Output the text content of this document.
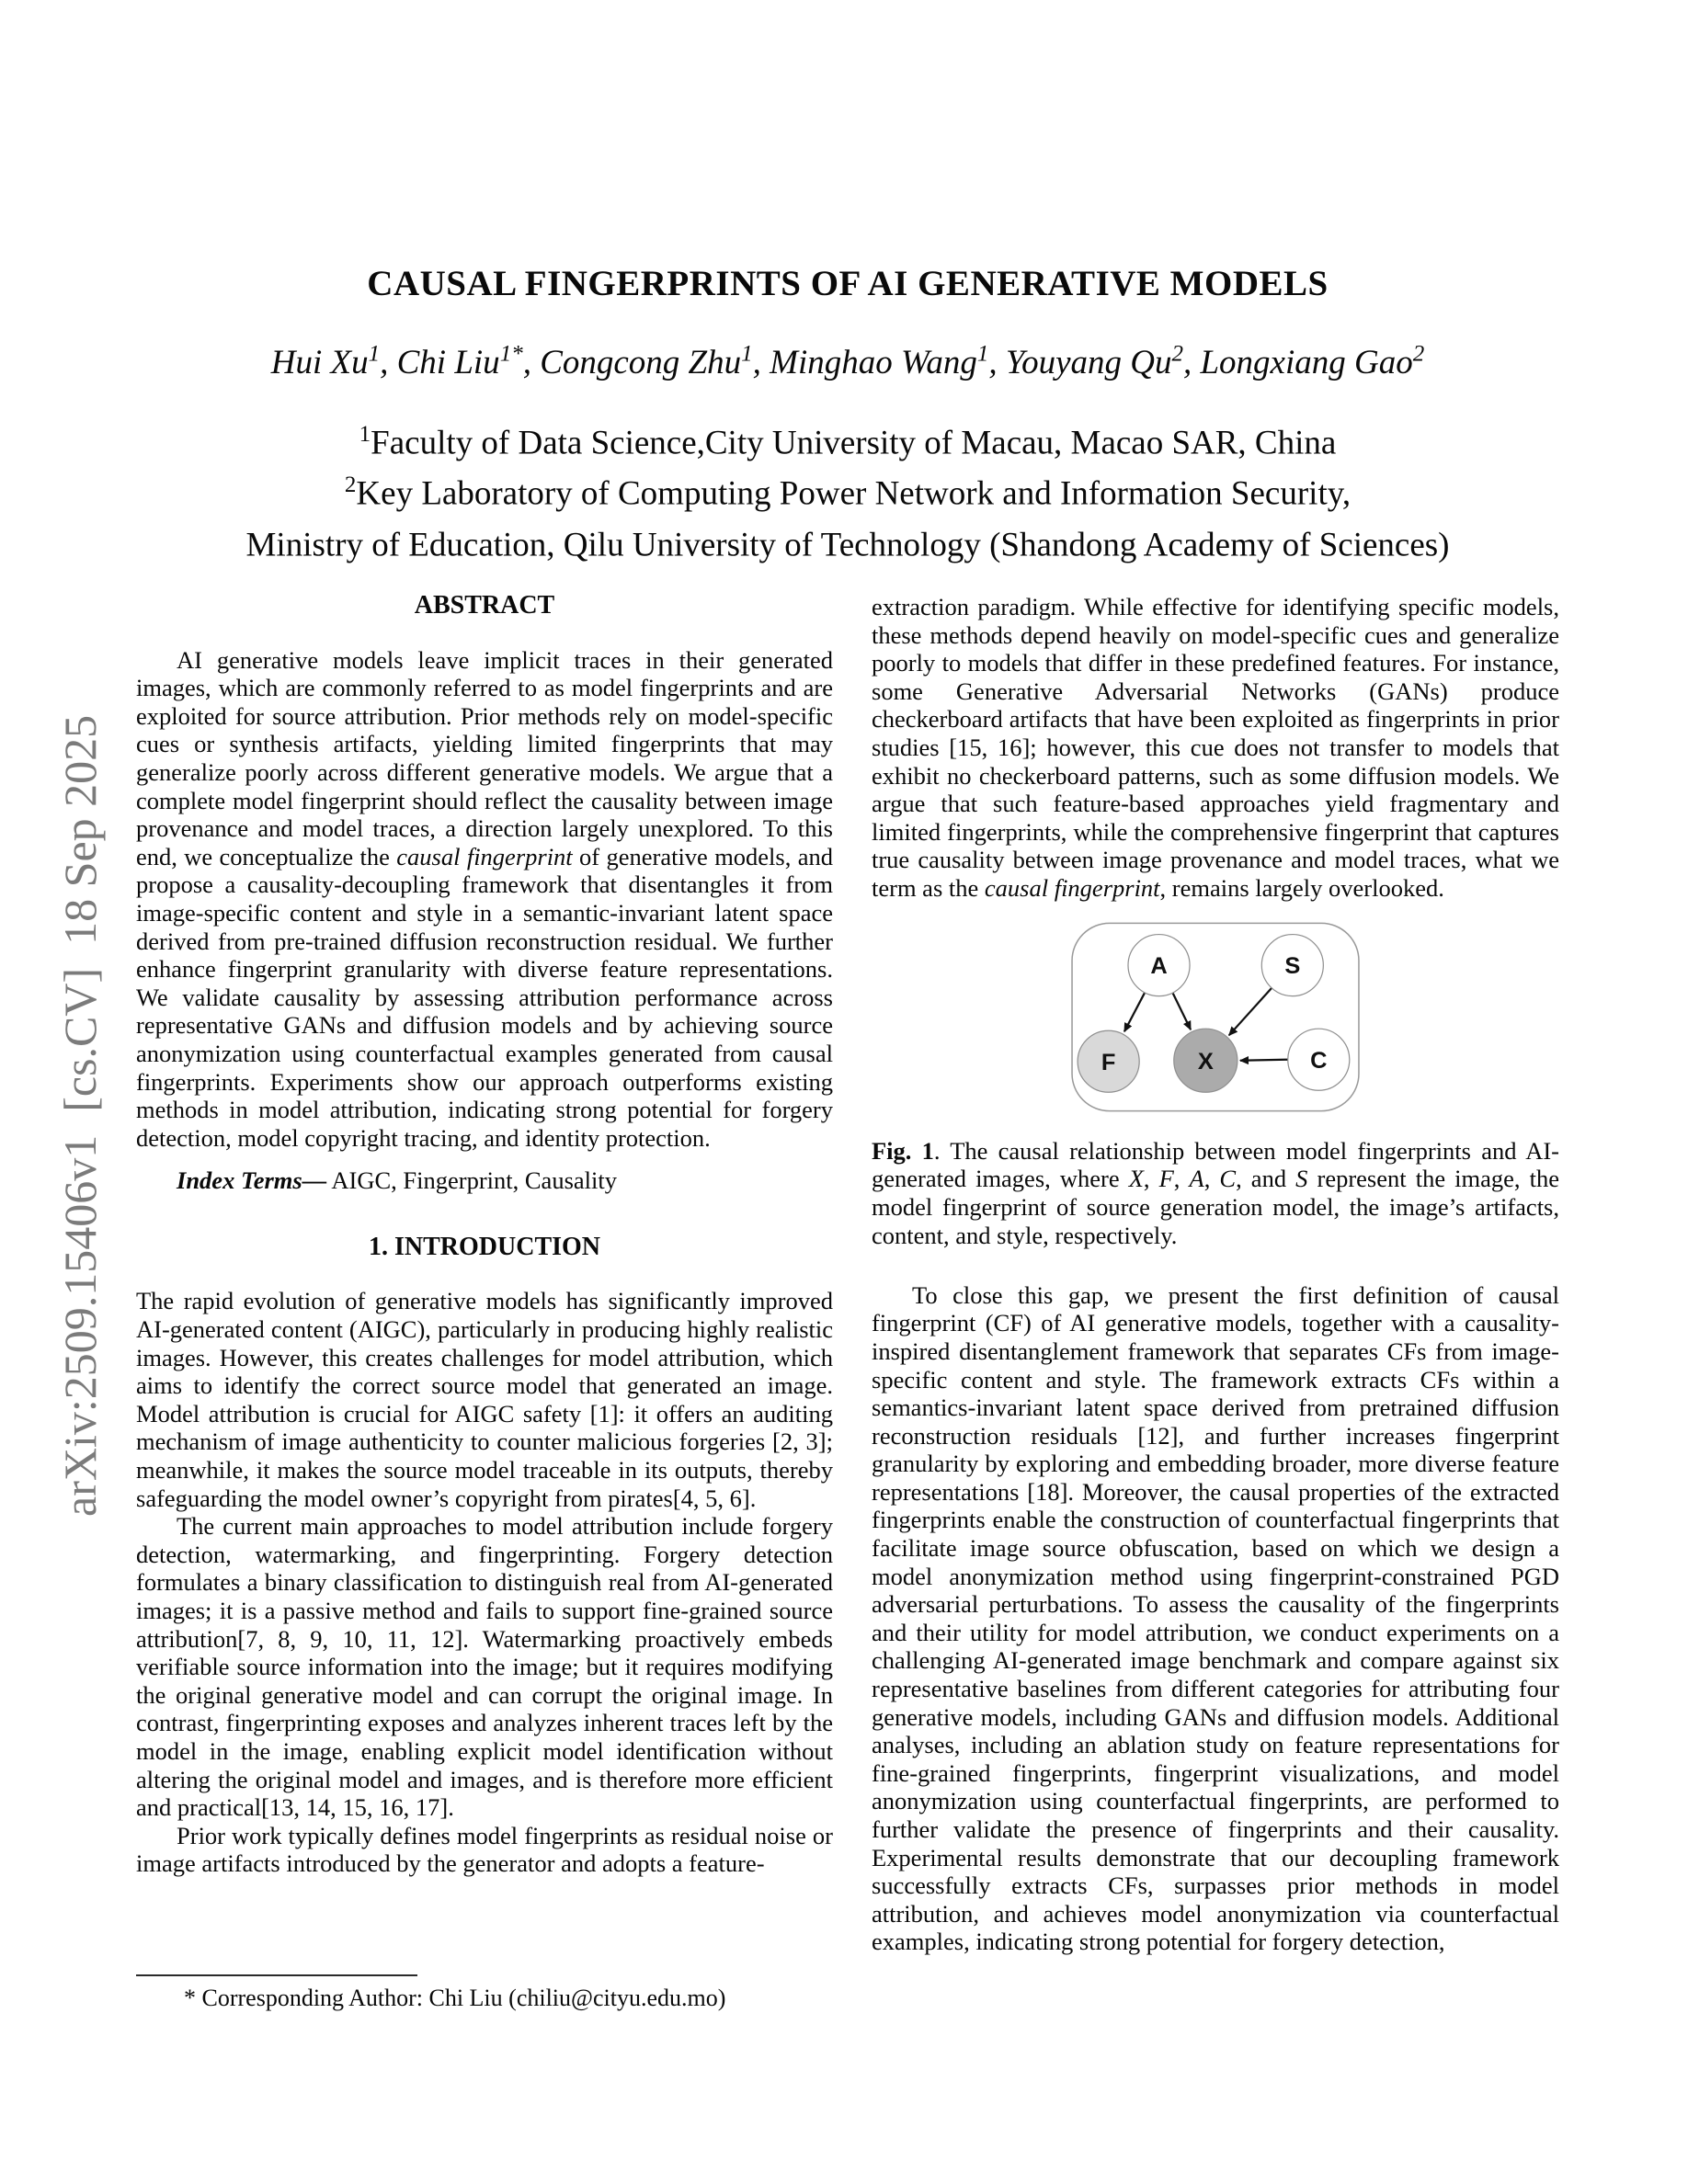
arXiv:2509.15406v1  [cs.CV]  18 Sep 2025
CAUSAL FINGERPRINTS OF AI GENERATIVE MODELS
Hui Xu$^1$, Chi Liu$^{1*}$, Congcong Zhu$^1$, Minghao Wang$^1$, Youyang Qu$^2$, Longxiang Gao$^2$
$^1$Faculty of Data Science,City University of Macau, Macao SAR, China
$^2$Key Laboratory of Computing Power Network and Information Security,
Ministry of Education, Qilu University of Technology (Shandong Academy of Sciences)
ABSTRACT

AI generative models leave implicit traces in their generated images, which are commonly referred to as model fingerprints and are exploited for source attribution. Prior methods rely on model-specific cues or synthesis artifacts, yielding limited fingerprints that may generalize poorly across different generative models. We argue that a complete model fingerprint should reflect the causality between image provenance and model traces, a direction largely unexplored. To this end, we conceptualize the causal fingerprint of generative models, and propose a causality-decoupling framework that disentangles it from image-specific content and style in a semantic-invariant latent space derived from pre-trained diffusion reconstruction residual. We further enhance fingerprint granularity with diverse feature representations. We validate causality by assessing attribution performance across representative GANs and diffusion models and by achieving source anonymization using counterfactual examples generated from causal fingerprints. Experiments show our approach outperforms existing methods in model attribution, indicating strong potential for forgery detection, model copyright tracing, and identity protection.

Index Terms— AIGC, Fingerprint, Causality

1. INTRODUCTION

The rapid evolution of generative models has significantly improved AI-generated content (AIGC), particularly in producing highly realistic images. However, this creates challenges for model attribution, which aims to identify the correct source model that generated an image. Model attribution is crucial for AIGC safety [1]: it offers an auditing mechanism of image authenticity to counter malicious forgeries [2, 3]; meanwhile, it makes the source model traceable in its outputs, thereby safeguarding the model owner’s copyright from pirates[4, 5, 6].

The current main approaches to model attribution include forgery detection, watermarking, and fingerprinting. Forgery detection formulates a binary classification to distinguish real from AI-generated images; it is a passive method and fails to support fine-grained source attribution[7, 8, 9, 10, 11, 12]. Watermarking proactively embeds verifiable source information into the image; but it requires modifying the original generative model and can corrupt the original image. In contrast, fingerprinting exposes and analyzes inherent traces left by the model in the image, enabling explicit model identification without altering the original model and images, and is therefore more efficient and practical[13, 14, 15, 16, 17].

Prior work typically defines model fingerprints as residual noise or image artifacts introduced by the generator and adopts a feature-

* Corresponding Author: Chi Liu (chiliu@cityu.edu.mo)

extraction paradigm. While effective for identifying specific models, these methods depend heavily on model-specific cues and generalize poorly to models that differ in these predefined features. For instance, some Generative Adversarial Networks (GANs) produce checkerboard artifacts that have been exploited as fingerprints in prior studies [15, 16]; however, this cue does not transfer to models that exhibit no checkerboard patterns, such as some diffusion models. We argue that such feature-based approaches yield fragmentary and limited fingerprints, while the comprehensive fingerprint that captures true causality between image provenance and model traces, what we term as the causal fingerprint, remains largely overlooked.

A	S
F	X	C

Fig. 1. The causal relationship between model fingerprints and AI-generated images, where X, F, A, C, and S represent the image, the model fingerprint of source generation model, the image’s artifacts, content, and style, respectively.

To close this gap, we present the first definition of causal fingerprint (CF) of AI generative models, together with a causality-inspired disentanglement framework that separates CFs from image-specific content and style. The framework extracts CFs within a semantics-invariant latent space derived from pretrained diffusion reconstruction residuals [12], and further increases fingerprint granularity by exploring and embedding broader, more diverse feature representations [18]. Moreover, the causal properties of the extracted fingerprints enable the construction of counterfactual fingerprints that facilitate image source obfuscation, based on which we design a model anonymization method using fingerprint-constrained PGD adversarial perturbations. To assess the causality of the fingerprints and their utility for model attribution, we conduct experiments on a challenging AI-generated image benchmark and compare against six representative baselines from different categories for attributing four generative models, including GANs and diffusion models. Additional analyses, including an ablation study on feature representations for fine-grained fingerprints, fingerprint visualizations, and model anonymization using counterfactual fingerprints, are performed to further validate the presence of fingerprints and their causality. Experimental results demonstrate that our decoupling framework successfully extracts CFs, surpasses prior methods in model attribution, and achieves model anonymization via counterfactual examples, indicating strong potential for forgery detection,
